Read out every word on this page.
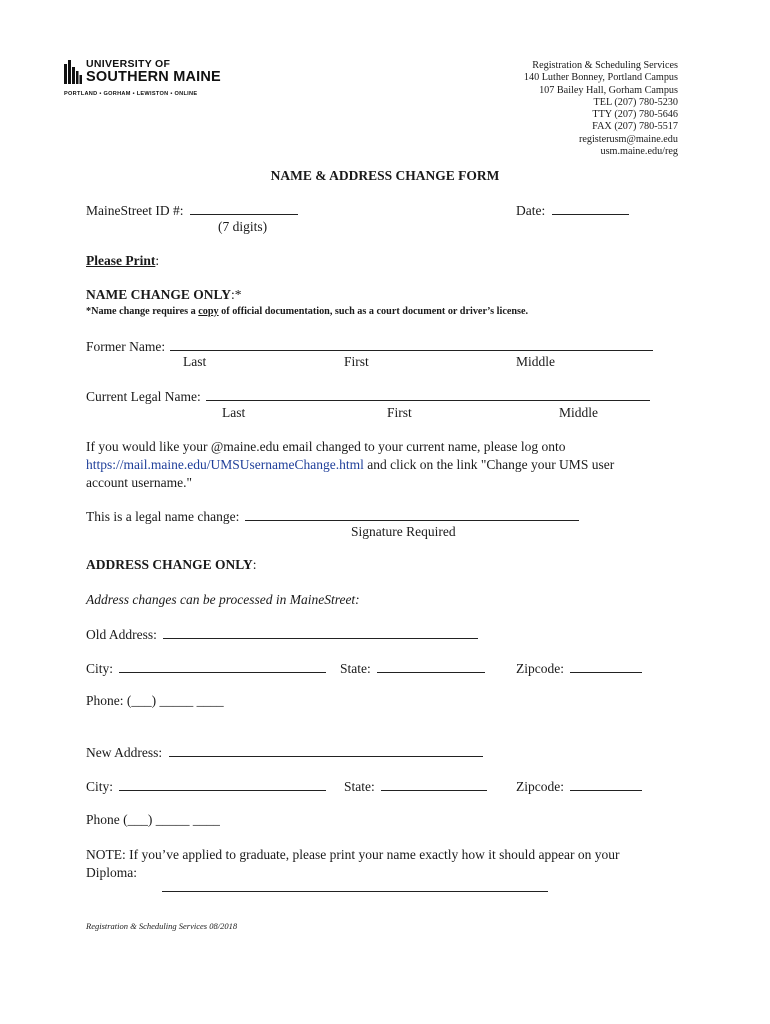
UNIVERSITY OF
SOUTHERN MAINE
PORTLAND • GORHAM • LEWISTON • ONLINE
Registration & Scheduling Services
140 Luther Bonney, Portland Campus
107 Bailey Hall, Gorham Campus
TEL (207) 780-5230
TTY (207) 780-5646
FAX (207) 780-5517
registerusm@maine.edu
usm.maine.edu/reg
NAME & ADDRESS CHANGE FORM
MaineStreet ID #:
(7 digits)
Date:
Please Print:
NAME CHANGE ONLY:*
*Name change requires a copy of official documentation, such as a court document or driver’s license.
Former Name:
Last	First	Middle
Current Legal Name:
Last	First	Middle
If you would like your @maine.edu email changed to your current name, please log onto
https://mail.maine.edu/UMSUsernameChange.html and click on the link "Change your UMS user
account username."
This is a legal name change:
Signature Required
ADDRESS CHANGE ONLY:
Address changes can be processed in MaineStreet:
Old Address:
City:	State:	Zipcode:
Phone: (___) _____ ____
New Address:
City:	State:	Zipcode:
Phone (___) _____ ____
NOTE: If you’ve applied to graduate, please print your name exactly how it should appear on your
Diploma:
Registration & Scheduling Services 08/2018
